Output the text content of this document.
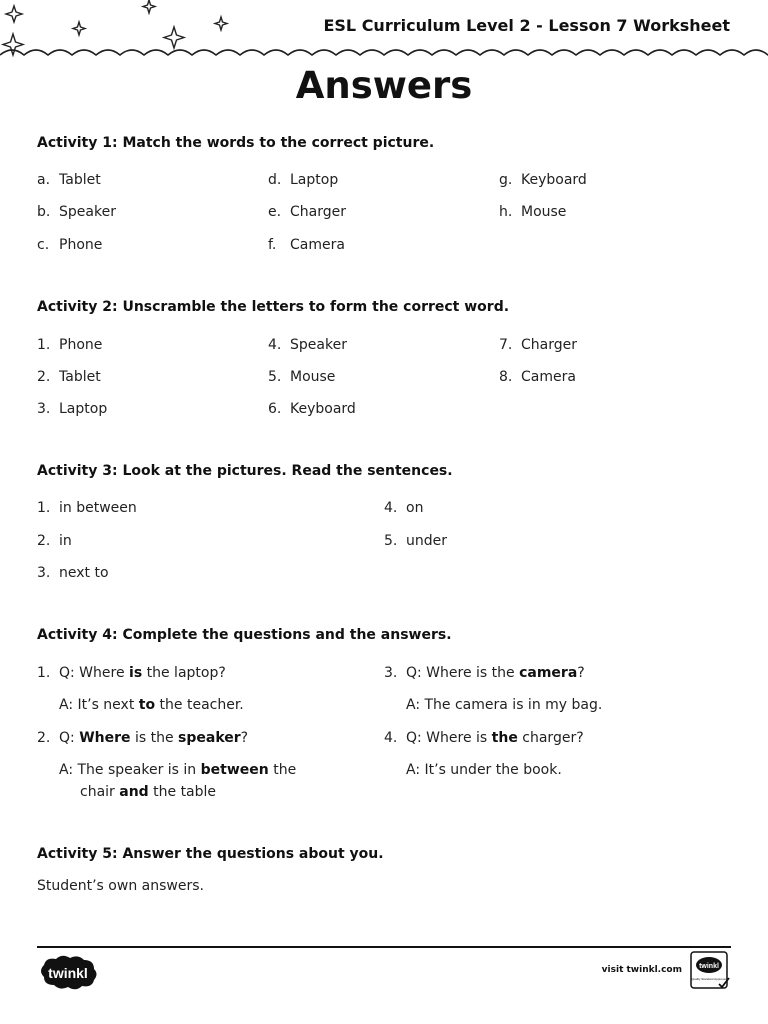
ESL Curriculum Level 2 - Lesson 7 Worksheet
Answers
Activity 1: Match the words to the correct picture.
a. Tablet
b. Speaker
c. Phone
d. Laptop
e. Charger
f. Camera
g. Keyboard
h. Mouse
Activity 2: Unscramble the letters to form the correct word.
1. Phone
2. Tablet
3. Laptop
4. Speaker
5. Mouse
6. Keyboard
7. Charger
8. Camera
Activity 3: Look at the pictures. Read the sentences.
1. in between
2. in
3. next to
4. on
5. under
Activity 4: Complete the questions and the answers.
1. Q: Where is the laptop?
A: It’s next to the teacher.
2. Q: Where is the speaker?
A: The speaker is in between the
chair and the table
3. Q: Where is the camera?
A: The camera is in my bag.
4. Q: Where is the charger?
A: It’s under the book.
Activity 5: Answer the questions about you.
Student’s own answers.
twinkl	visit twinkl.com twinkl
Quality Standard Approved
